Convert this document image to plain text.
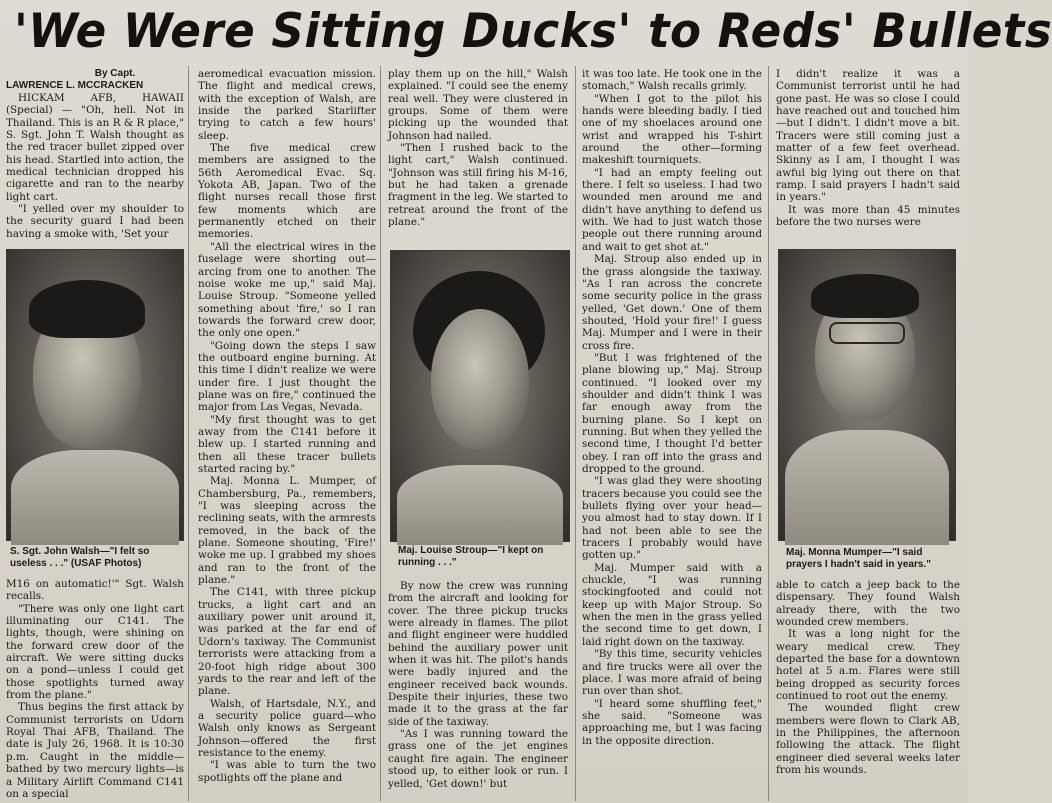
'We Were Sitting Ducks' to Reds' Bullets

By Capt.

LAWRENCE L. MCCRACKEN

HICKAM AFB, HAWAII (Special) — "Oh, hell. Not in Thailand. This is an R & R place," S. Sgt. John T. Walsh thought as the red tracer bullet zipped over his head. Startled into action, the medical technician dropped his cigarette and ran to the nearby light cart.

"I yelled over my shoulder to the security guard I had been having a smoke with, 'Set your

S. Sgt. John Walsh—"I felt so useless . . ." (USAF Photos)

M16 on automatic!'" Sgt. Walsh recalls.

"There was only one light cart illuminating our C141. The lights, though, were shining on the forward crew door of the aircraft. We were sitting ducks on a pond—unless I could get those spotlights turned away from the plane."

Thus begins the first attack by Communist terrorists on Udorn Royal Thai AFB, Thailand. The date is July 26, 1968. It is 10:30 p.m. Caught in the middle—bathed by two mercury lights—is a Military Airlift Command C141 on a special

aeromedical evacuation mission. The flight and medical crews, with the exception of Walsh, are inside the parked Starlifter trying to catch a few hours' sleep.

The five medical crew members are assigned to the 56th Aeromedical Evac. Sq. Yokota AB, Japan. Two of the flight nurses recall those first few moments which are permanently etched on their memories.

"All the electrical wires in the fuselage were shorting out—arcing from one to another. The noise woke me up," said Maj. Louise Stroup. "Someone yelled something about 'fire,' so I ran towards the forward crew door, the only one open."

"Going down the steps I saw the outboard engine burning. At this time I didn't realize we were under fire. I just thought the plane was on fire," continued the major from Las Vegas, Nevada.

"My first thought was to get away from the C141 before it blew up. I started running and then all these tracer bullets started racing by."

Maj. Monna L. Mumper, of Chambersburg, Pa., remembers, "I was sleeping across the reclining seats, with the armrests removed, in the back of the plane. Someone shouting, 'Fire!' woke me up. I grabbed my shoes and ran to the front of the plane."

The C141, with three pickup trucks, a light cart and an auxiliary power unit around it, was parked at the far end of Udorn's taxiway. The Communist terrorists were attacking from a 20-foot high ridge about 300 yards to the rear and left of the plane.

Walsh, of Hartsdale, N.Y., and a security police guard—who Walsh only knows as Sergeant Johnson—offered the first resistance to the enemy.

"I was able to turn the two spotlights off the plane and

play them up on the hill," Walsh explained. "I could see the enemy real well. They were clustered in groups. Some of them were picking up the wounded that Johnson had nailed.

"Then I rushed back to the light cart," Walsh continued. "Johnson was still firing his M-16, but he had taken a grenade fragment in the leg. We started to retreat around the front of the plane."

Maj. Louise Stroup—"I kept on running . . ."

By now the crew was running from the aircraft and looking for cover. The three pickup trucks were already in flames. The pilot and flight engineer were huddled behind the auxiliary power unit when it was hit. The pilot's hands were badly injured and the engineer received back wounds. Despite their injuries, these two made it to the grass at the far side of the taxiway.

"As I was running toward the grass one of the jet engines caught fire again. The engineer stood up, to either look or run. I yelled, 'Get down!' but

it was too late. He took one in the stomach," Walsh recalls grimly.

"When I got to the pilot his hands were bleeding badly. I tied one of my shoelaces around one wrist and wrapped his T-shirt around the other—forming makeshift tourniquets.

"I had an empty feeling out there. I felt so useless. I had two wounded men around me and didn't have anything to defend us with. We had to just watch those people out there running around and wait to get shot at."

Maj. Stroup also ended up in the grass alongside the taxiway. "As I ran across the concrete some security police in the grass yelled, 'Get down.' One of them shouted, 'Hold your fire!' I guess Maj. Mumper and I were in their cross fire.

"But I was frightened of the plane blowing up," Maj. Stroup continued. "I looked over my shoulder and didn't think I was far enough away from the burning plane. So I kept on running. But when they yelled the second time, I thought I'd better obey. I ran off into the grass and dropped to the ground.

"I was glad they were shooting tracers because you could see the bullets flying over your head—you almost had to stay down. If I had not been able to see the tracers I probably would have gotten up."

Maj. Mumper said with a chuckle, "I was running stockingfooted and could not keep up with Major Stroup. So when the men in the grass yelled the second time to get down, I laid right down on the taxiway.

"By this time, security vehicles and fire trucks were all over the place. I was more afraid of being run over than shot.

"I heard some shuffling feet," she said. "Someone was approaching me, but I was facing in the opposite direction.

I didn't realize it was a Communist terrorist until he had gone past. He was so close I could have reached out and touched him—but I didn't. I didn't move a bit. Tracers were still coming just a matter of a few feet overhead. Skinny as I am, I thought I was awful big lying out there on that ramp. I said prayers I hadn't said in years."

It was more than 45 minutes before the two nurses were

Maj. Monna Mumper—"I said prayers I hadn't said in years."

able to catch a jeep back to the dispensary. They found Walsh already there, with the two wounded crew members.

It was a long night for the weary medical crew. They departed the base for a downtown hotel at 5 a.m. Flares were still being dropped as security forces continued to root out the enemy.

The wounded flight crew members were flown to Clark AB, in the Philippines, the afternoon following the attack. The flight engineer died several weeks later from his wounds.
